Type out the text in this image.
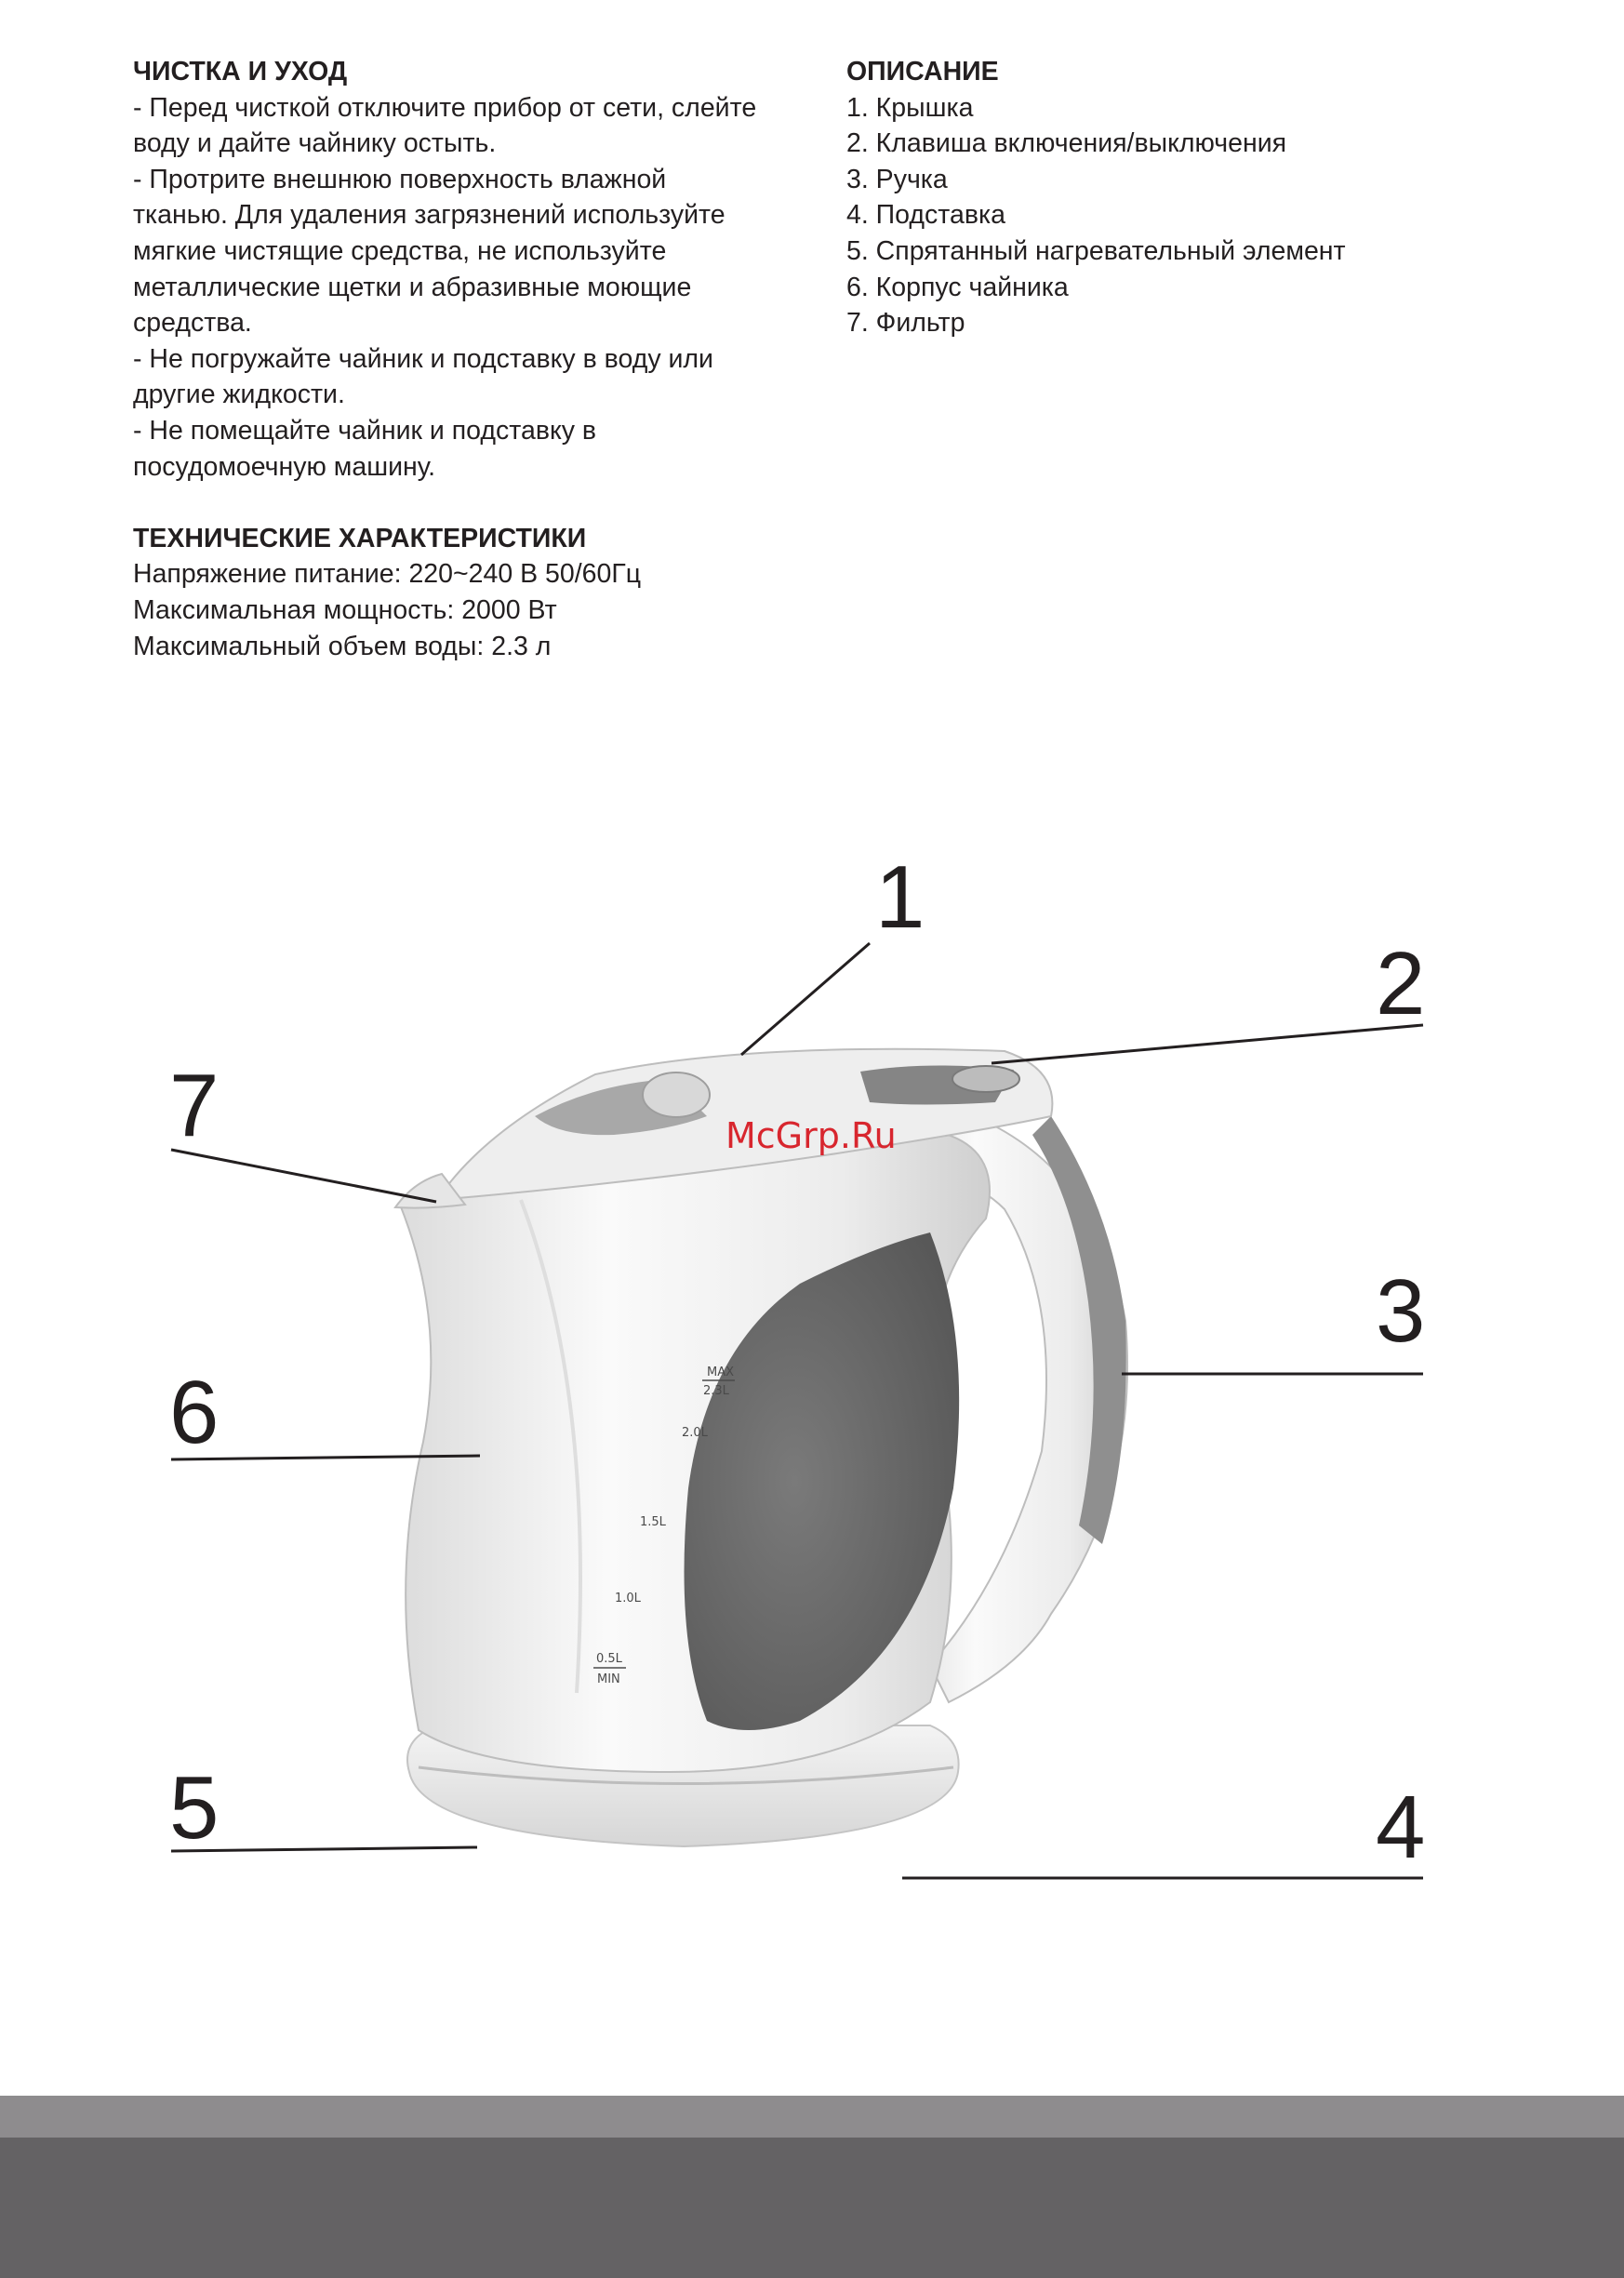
ЧИСТКА И УХОД

- Перед чисткой отключите прибор от сети, слейте

воду и дайте чайнику остыть.

- Протрите внешнюю поверхность влажной

тканью. Для удаления загрязнений используйте

мягкие чистящие средства, не используйте

металлические щетки и абразивные моющие

средства.

- Не погружайте чайник и подставку в воду или

другие жидкости.

- Не помещайте чайник и подставку в

посудомоечную машину.

ТЕХНИЧЕСКИЕ ХАРАКТЕРИСТИКИ

Напряжение питание: 220~240 В 50/60Гц

Максимальная мощность: 2000 Вт

Максимальный объем воды: 2.3 л

ОПИСАНИЕ

1. Крышка

2. Клавиша включения/выключения

3. Ручка

4. Подставка

5. Спрятанный нагревательный элемент

6. Корпус чайника

7. Фильтр

MAX
2.3L
2.0L
1.5L
1.0L
0.5L
MIN
McGrp.Ru
1
2
3
4
5
6
7
